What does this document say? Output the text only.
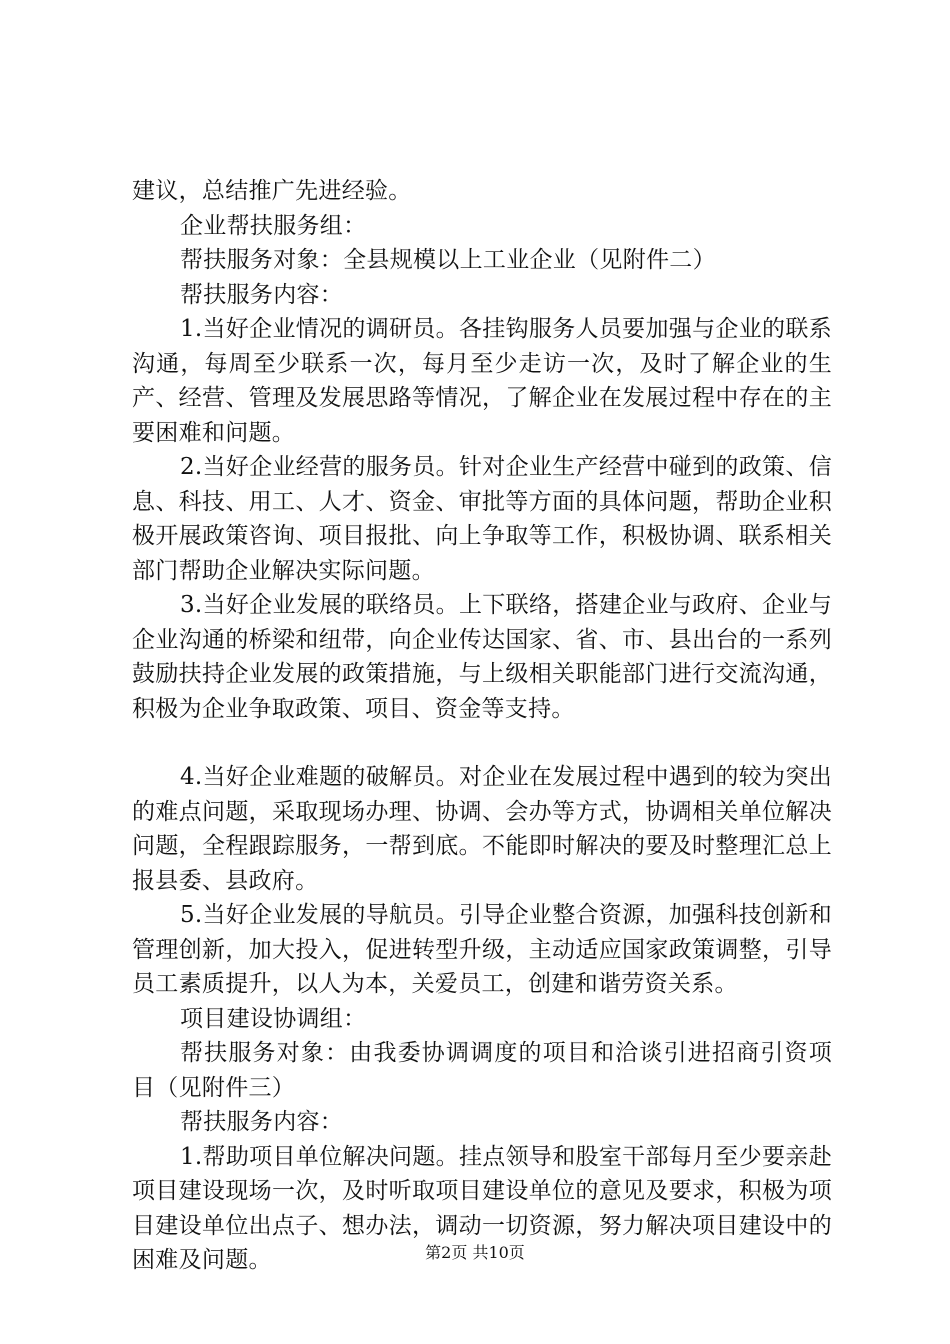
建议，总结推广先进经验。

企业帮扶服务组：

帮扶服务对象：全县规模以上工业企业（见附件二）

帮扶服务内容：

1.当好企业情况的调研员。各挂钩服务人员要加强与企业的联系沟通，每周至少联系一次，每月至少走访一次，及时了解企业的生产、经营、管理及发展思路等情况，了解企业在发展过程中存在的主要困难和问题。

2.当好企业经营的服务员。针对企业生产经营中碰到的政策、信息、科技、用工、人才、资金、审批等方面的具体问题，帮助企业积极开展政策咨询、项目报批、向上争取等工作，积极协调、联系相关部门帮助企业解决实际问题。

3.当好企业发展的联络员。上下联络，搭建企业与政府、企业与企业沟通的桥梁和纽带，向企业传达国家、省、市、县出台的一系列鼓励扶持企业发展的政策措施，与上级相关职能部门进行交流沟通，积极为企业争取政策、项目、资金等支持。

4.当好企业难题的破解员。对企业在发展过程中遇到的较为突出的难点问题，采取现场办理、协调、会办等方式，协调相关单位解决问题，全程跟踪服务，一帮到底。不能即时解决的要及时整理汇总上报县委、县政府。

5.当好企业发展的导航员。引导企业整合资源，加强科技创新和管理创新，加大投入，促进转型升级，主动适应国家政策调整，引导员工素质提升，以人为本，关爱员工，创建和谐劳资关系。

项目建设协调组：

帮扶服务对象：由我委协调调度的项目和洽谈引进招商引资项目（见附件三）

帮扶服务内容：

1.帮助项目单位解决问题。挂点领导和股室干部每月至少要亲赴项目建设现场一次，及时听取项目建设单位的意见及要求，积极为项目建设单位出点子、想办法，调动一切资源，努力解决项目建设中的困难及问题。	第2页 共10页
